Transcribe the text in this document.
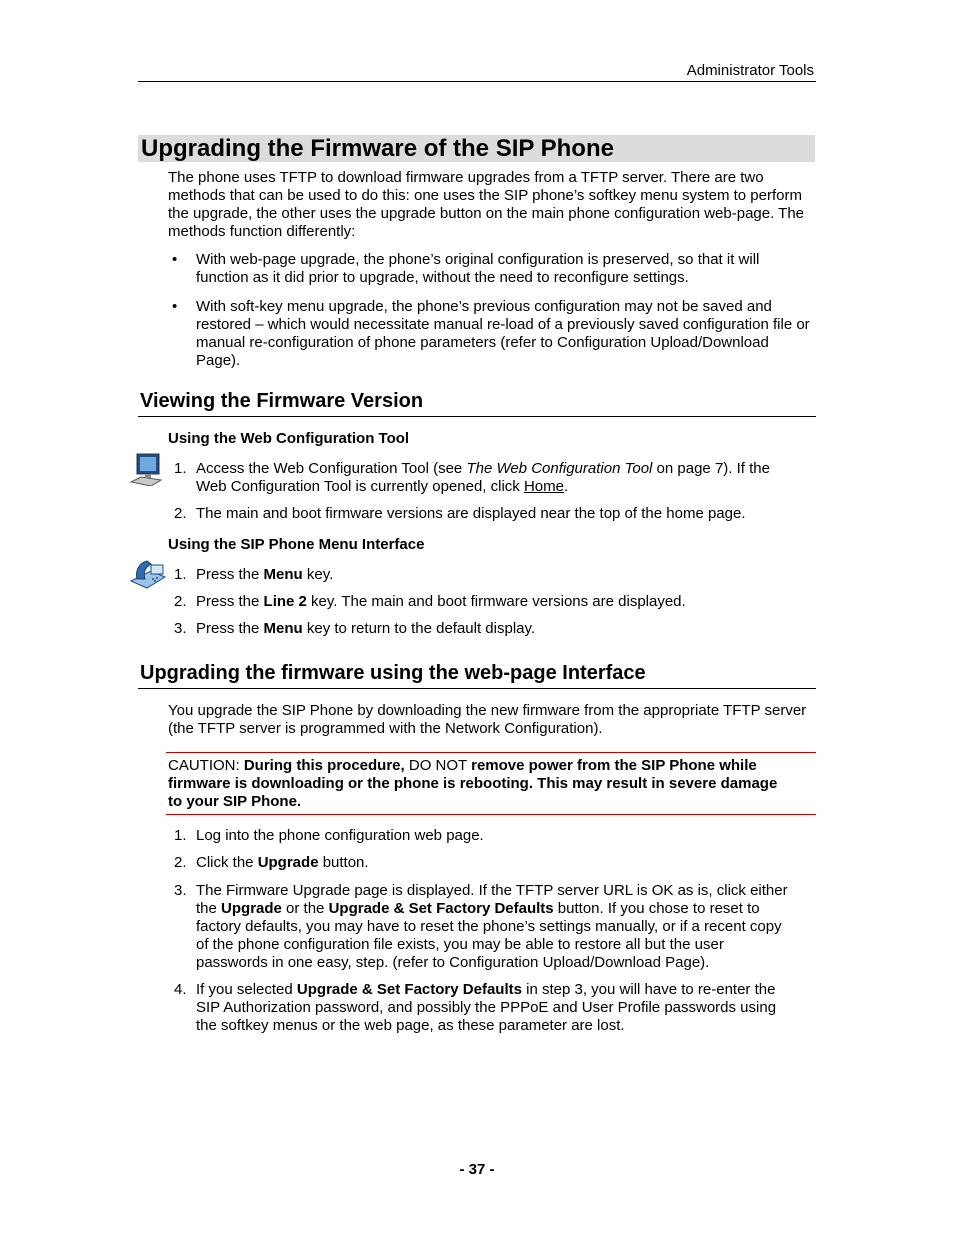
Administrator Tools
Upgrading the Firmware of the SIP Phone
The phone uses TFTP to download firmware upgrades from a TFTP server. There are two methods that can be used to do this: one uses the SIP phone’s softkey menu system to perform the upgrade, the other uses the upgrade button on the main phone configuration web-page. The methods function differently:
• With web-page upgrade, the phone’s original configuration is preserved, so that it will function as it did prior to upgrade, without the need to reconfigure settings.
• With soft-key menu upgrade, the phone’s previous configuration may not be saved and restored – which would necessitate manual re-load of a previously saved configuration file or manual re-configuration of phone parameters (refer to Configuration Upload/Download Page).
Viewing the Firmware Version
Using the Web Configuration Tool
1. Access the Web Configuration Tool (see The Web Configuration Tool on page 7). If the
Web Configuration Tool is currently opened, click Home.
2. The main and boot firmware versions are displayed near the top of the home page.
Using the SIP Phone Menu Interface
1. Press the Menu key.
2. Press the Line 2 key. The main and boot firmware versions are displayed.
3. Press the Menu key to return to the default display.
Upgrading the firmware using the web-page Interface
You upgrade the SIP Phone by downloading the new firmware from the appropriate TFTP server (the TFTP server is programmed with the Network Configuration).
CAUTION: During this procedure, DO NOT remove power from the SIP Phone while
firmware is downloading or the phone is rebooting. This may result in severe damage
to your SIP Phone.
1. Log into the phone configuration web page.
2. Click the Upgrade button.
3. The Firmware Upgrade page is displayed. If the TFTP server URL is OK as is, click either
the Upgrade or the Upgrade & Set Factory Defaults button. If you chose to reset to
factory defaults, you may have to reset the phone’s settings manually, or if a recent copy
of the phone configuration file exists, you may be able to restore all but the user
passwords in one easy, step. (refer to Configuration Upload/Download Page).
4. If you selected Upgrade & Set Factory Defaults in step 3, you will have to re-enter the
SIP Authorization password, and possibly the PPPoE and User Profile passwords using
the softkey menus or the web page, as these parameter are lost.
- 37 -
